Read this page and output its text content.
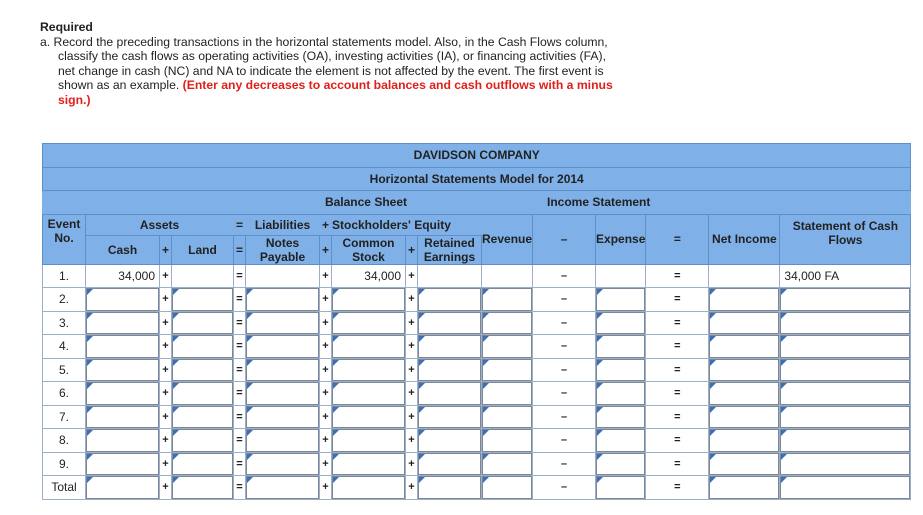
Required
a. Record the preceding transactions in the horizontal statements model. Also, in the Cash Flows column,
classify the cash flows as operating activities (OA), investing activities (IA), or financing activities (FA),
net change in cash (NC) and NA to indicate the element is not affected by the event. The first event is
shown as an example. (Enter any decreases to account balances and cash outflows with a minus
sign.)
DAVIDSON COMPANY															
Horizontal Statements Model for 2014															
	Balance Sheet								Income Statement						
Event No.	Assets			=	Liabilities	+	Stockholders' Equity			Revenue	–	Expense	=	Net Income	Statement of Cash Flows
	Cash	+	Land	=	Notes Payable	+	Common Stock	+	Retained Earnings						
1.	34,000	+		=		+	34,000	+			–		=		34,000 FA
2.		+		=		+		+			–		=	

3.		+		=		+		+			–		=	

4.		+		=		+		+			–		=	

5.		+		=		+		+			–		=	

6.		+		=		+		+			–		=	

7.		+		=		+		+			–		=	

8.		+		=		+		+			–		=	

9.		+		=		+		+			–		=	

Total		+		=		+		+			–		=	
